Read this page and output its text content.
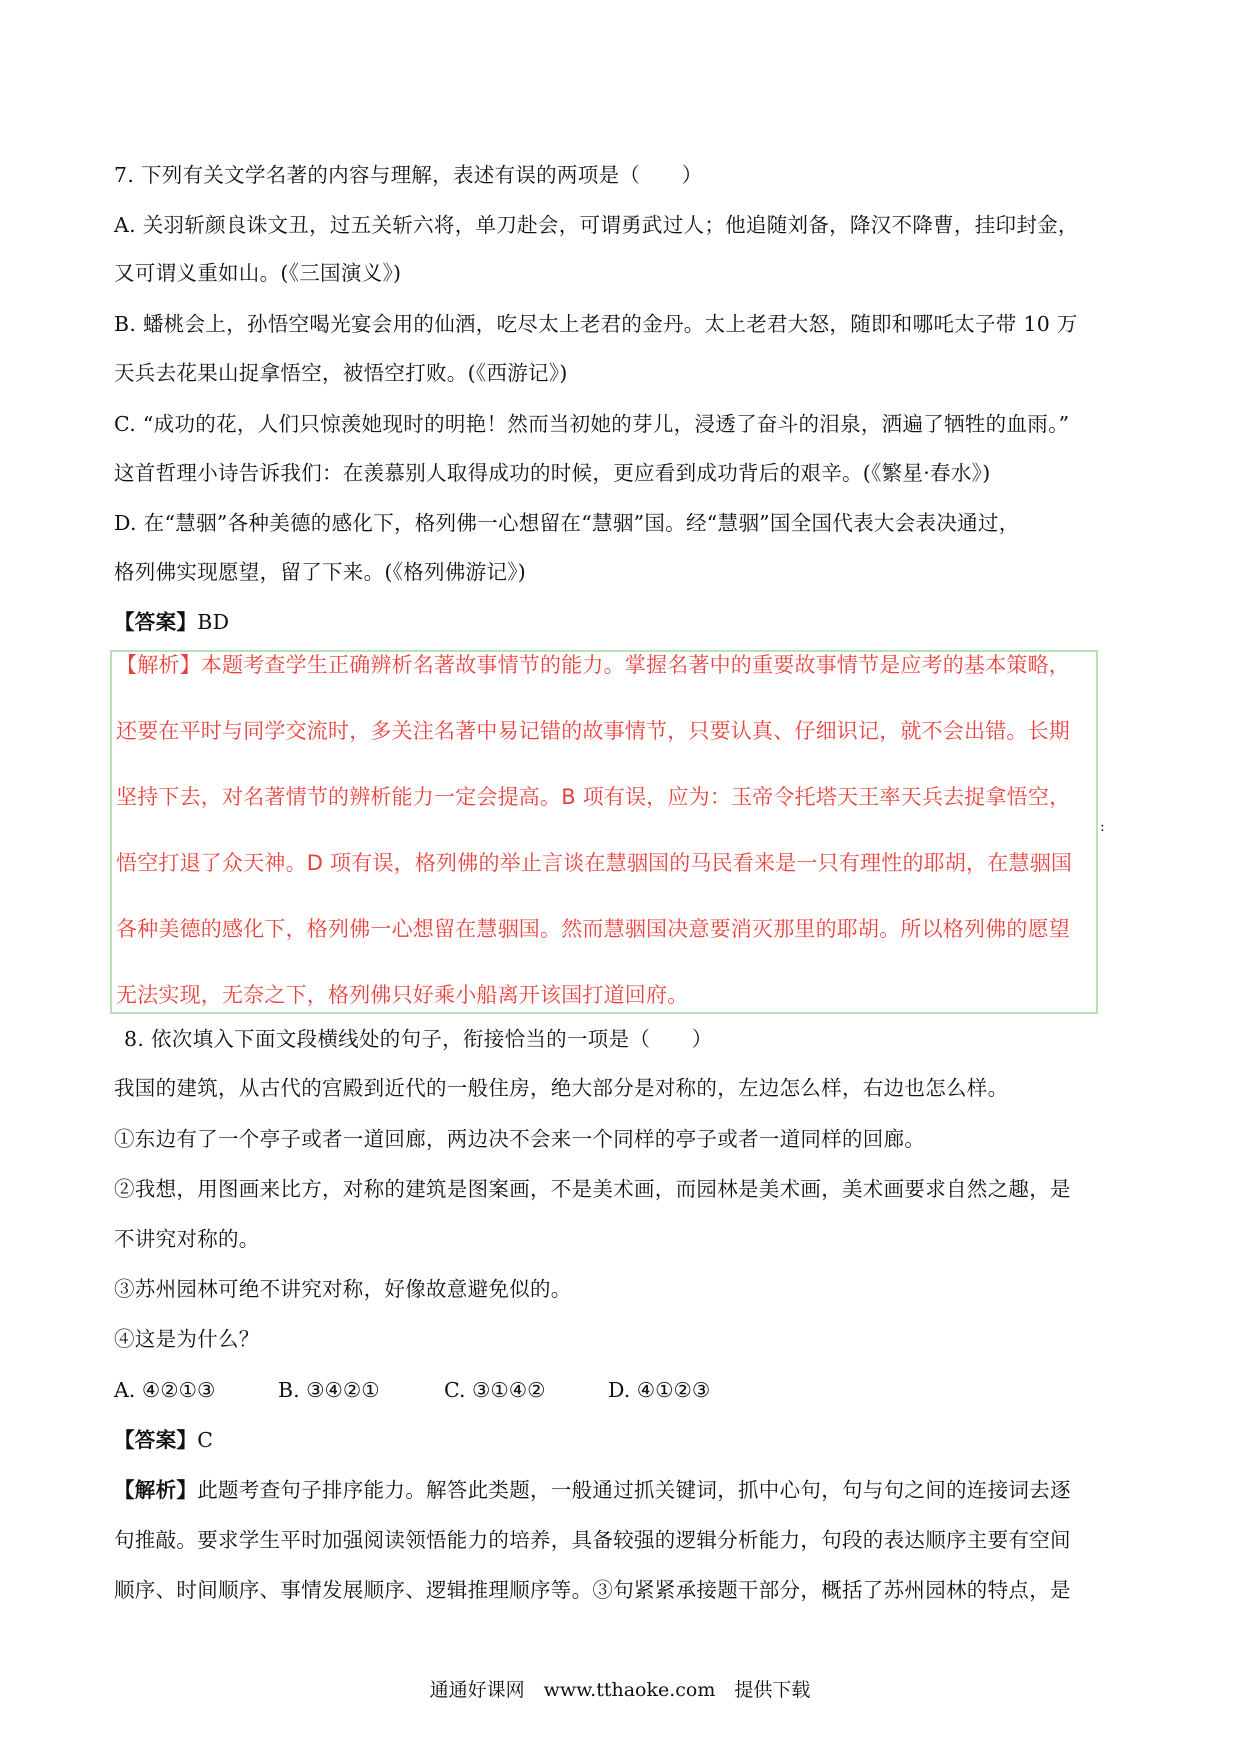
7. 下列有关文学名著的内容与理解，表述有误的两项是（　　）
A. 关羽斩颜良诛文丑，过五关斩六将，单刀赴会，可谓勇武过人；他追随刘备，降汉不降曹，挂印封金，
又可谓义重如山。(《三国演义》)
B. 蟠桃会上，孙悟空喝光宴会用的仙酒，吃尽太上老君的金丹。太上老君大怒，随即和哪吒太子带 10 万
天兵去花果山捉拿悟空，被悟空打败。(《西游记》)
C. “成功的花，人们只惊羡她现时的明艳！然而当初她的芽儿，浸透了奋斗的泪泉，洒遍了牺牲的血雨。”
这首哲理小诗告诉我们：在羡慕别人取得成功的时候，更应看到成功背后的艰辛。(《繁星·春水》)
D. 在“慧骃”各种美德的感化下，格列佛一心想留在“慧骃”国。经“慧骃”国全国代表大会表决通过，
格列佛实现愿望，留了下来。(《格列佛游记》)
【答案】BD
【解析】本题考查学生正确辨析名著故事情节的能力。掌握名著中的重要故事情节是应考的基本策略，
还要在平时与同学交流时，多关注名著中易记错的故事情节，只要认真、仔细识记，就不会出错。长期
坚持下去，对名著情节的辨析能力一定会提高。B 项有误，应为：玉帝令托塔天王率天兵去捉拿悟空，
悟空打退了众天神。D 项有误，格列佛的举止言谈在慧骃国的马民看来是一只有理性的耶胡，在慧骃国
各种美德的感化下，格列佛一心想留在慧骃国。然而慧骃国决意要消灭那里的耶胡。所以格列佛的愿望
无法实现，无奈之下，格列佛只好乘小船离开该国打道回府。
:
8. 依次填入下面文段横线处的句子，衔接恰当的一项是（　　）
我国的建筑，从古代的宫殿到近代的一般住房，绝大部分是对称的，左边怎么样，右边也怎么样。
①东边有了一个亭子或者一道回廊，两边决不会来一个同样的亭子或者一道同样的回廊。
②我想，用图画来比方，对称的建筑是图案画，不是美术画，而园林是美术画，美术画要求自然之趣，是
不讲究对称的。
③苏州园林可绝不讲究对称，好像故意避免似的。
④这是为什么？
A. ④②①③	B. ③④②①	C. ③①④②	D. ④①②③
【答案】C
【解析】此题考查句子排序能力。解答此类题，一般通过抓关键词，抓中心句，句与句之间的连接词去逐
句推敲。要求学生平时加强阅读领悟能力的培养，具备较强的逻辑分析能力，句段的表达顺序主要有空间
顺序、时间顺序、事情发展顺序、逻辑推理顺序等。③句紧紧承接题干部分，概括了苏州园林的特点，是
通通好课网　www.tthaoke.com　提供下载
